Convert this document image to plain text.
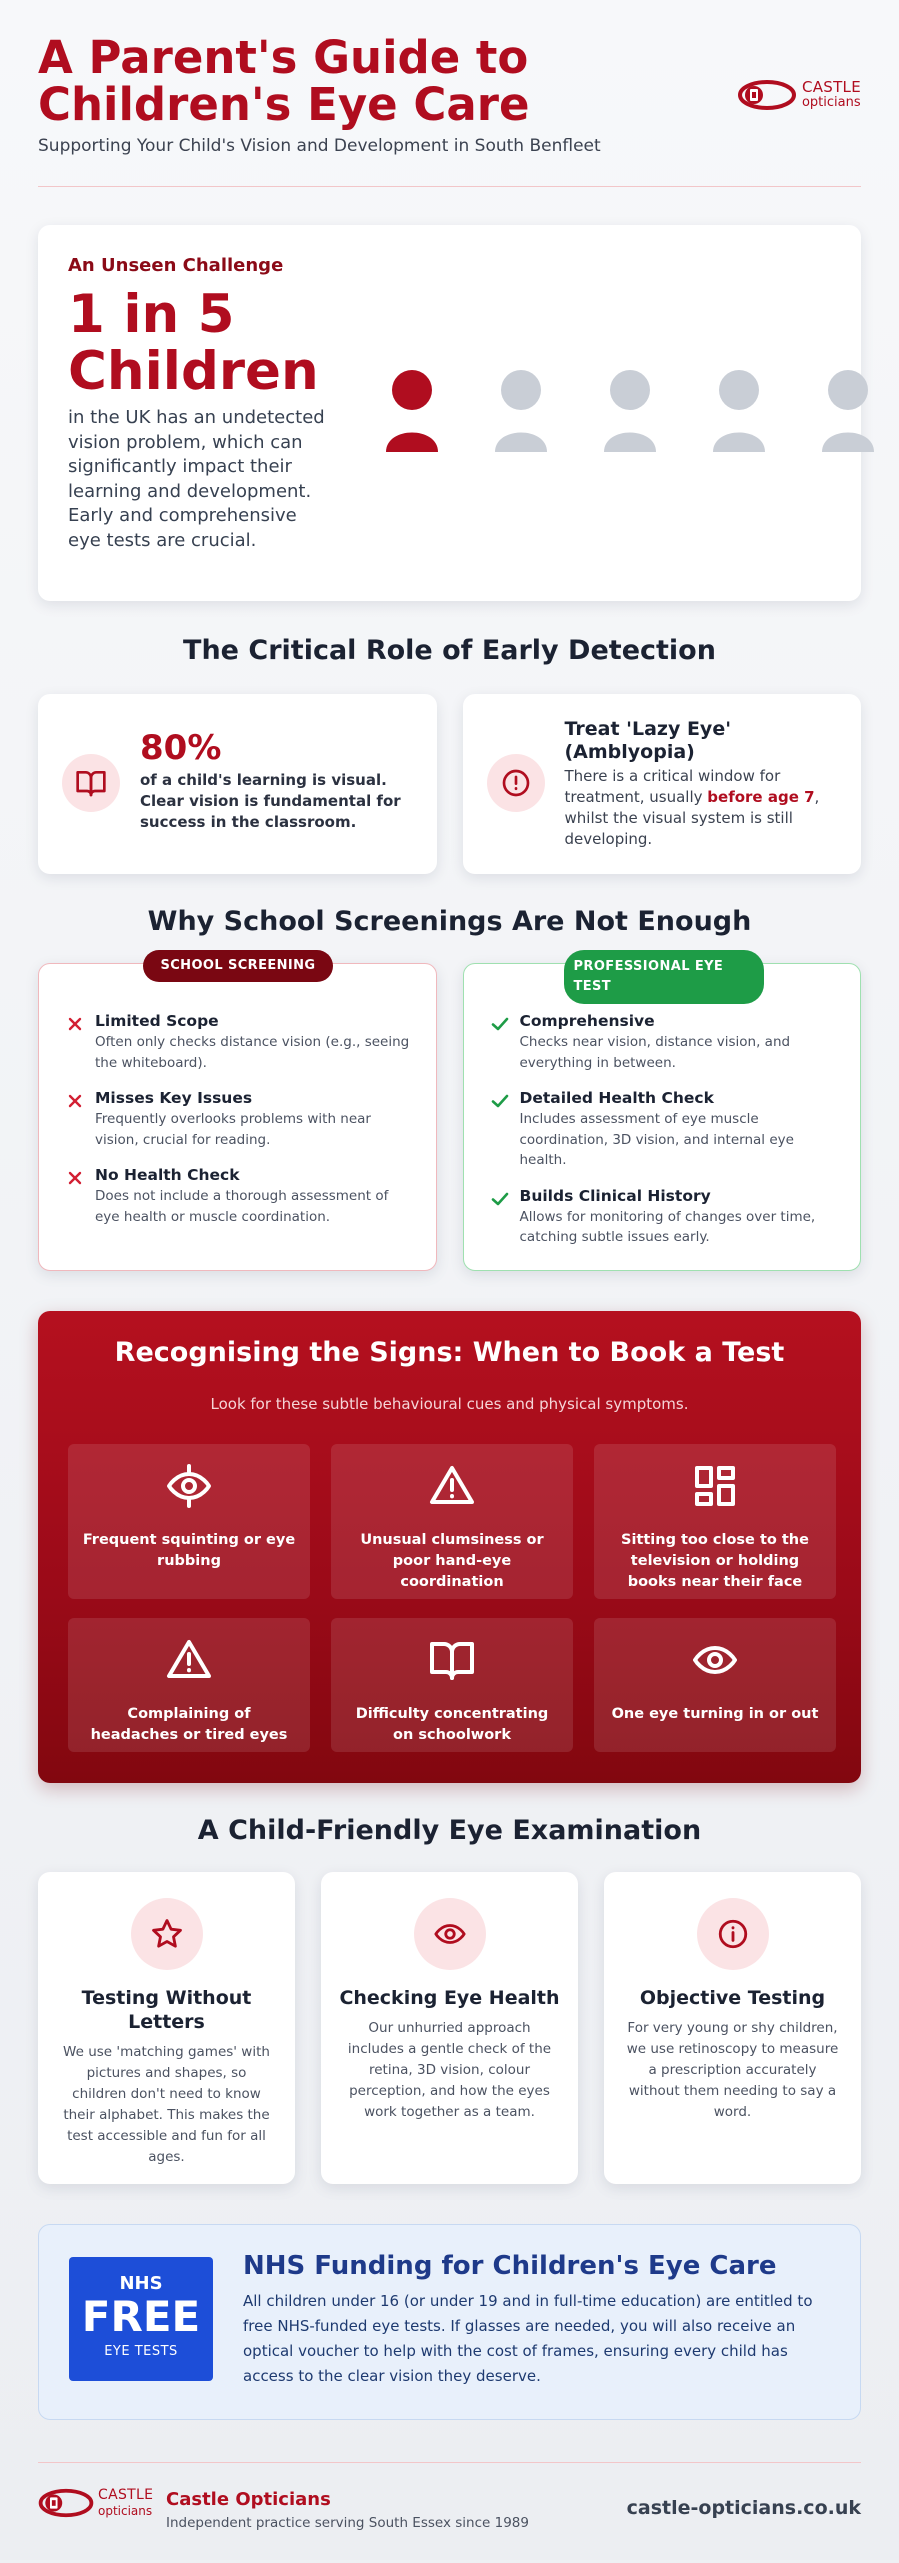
A Parent's Guide to Children's Eye Care
Supporting Your Child's Vision and Development in South Benfleet
CASTLE
opticians
An Unseen Challenge
1 in 5 Children
in the UK has an undetected vision problem, which can significantly impact their learning and development. Early and comprehensive eye tests are crucial.
The Critical Role of Early Detection
80%
of a child's learning is visual. Clear vision is fundamental for success in the classroom.
Treat 'Lazy Eye' (Amblyopia)
There is a critical window for treatment, usually before age 7, whilst the visual system is still developing.
Why School Screenings Are Not Enough
SCHOOL SCREENING
Limited Scope
Often only checks distance vision (e.g., seeing the whiteboard).
Misses Key Issues
Frequently overlooks problems with near vision, crucial for reading.
No Health Check
Does not include a thorough assessment of eye health or muscle coordination.
PROFESSIONAL EYE TEST
Comprehensive
Checks near vision, distance vision, and everything in between.
Detailed Health Check
Includes assessment of eye muscle coordination, 3D vision, and internal eye health.
Builds Clinical History
Allows for monitoring of changes over time, catching subtle issues early.
Recognising the Signs: When to Book a Test
Look for these subtle behavioural cues and physical symptoms.
Frequent squinting or eye rubbing
Unusual clumsiness or poor hand-eye coordination
Sitting too close to the television or holding books near their face
Complaining of headaches or tired eyes
Difficulty concentrating on schoolwork
One eye turning in or out
A Child-Friendly Eye Examination
Testing Without Letters
We use 'matching games' with pictures and shapes, so children don't need to know their alphabet. This makes the test accessible and fun for all ages.
Checking Eye Health
Our unhurried approach includes a gentle check of the retina, 3D vision, colour perception, and how the eyes work together as a team.
Objective Testing
For very young or shy children, we use retinoscopy to measure a prescription accurately without them needing to say a word.
NHS
FREE
EYE TESTS
NHS Funding for Children's Eye Care
All children under 16 (or under 19 and in full-time education) are entitled to free NHS-funded eye tests. If glasses are needed, you will also receive an optical voucher to help with the cost of frames, ensuring every child has access to the clear vision they deserve.
CASTLE
opticians
Castle Opticians
Independent practice serving South Essex since 1989
castle-opticians.co.uk
